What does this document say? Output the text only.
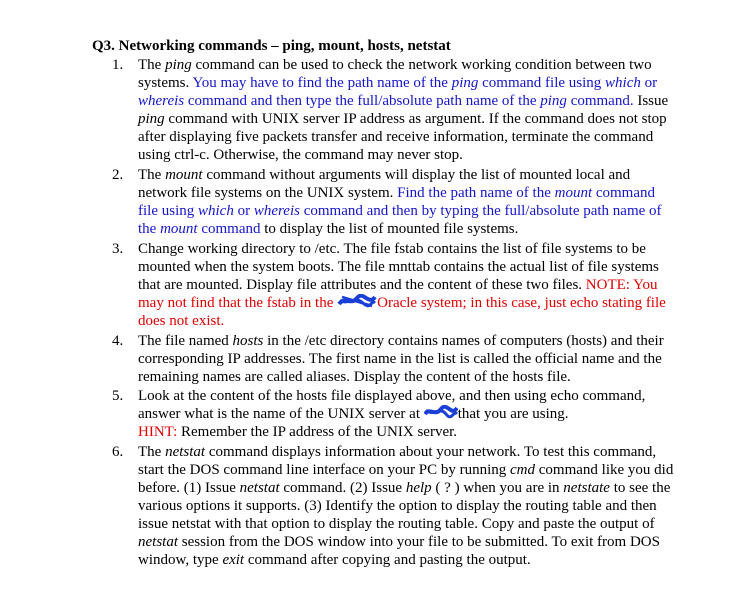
Q3. Networking commands – ping, mount, hosts, netstat
1. The ping command can be used to check the network working condition between two
systems. You may have to find the path name of the ping command file using which or
whereis command and then type the full/absolute path name of the ping command. Issue
ping command with UNIX server IP address as argument. If the command does not stop
after displaying five packets transfer and receive information, terminate the command
using ctrl-c. Otherwise, the command may never stop.
2. The mount command without arguments will display the list of mounted local and
network file systems on the UNIX system. Find the path name of the mount command
file using which or whereis command and then by typing the full/absolute path name of
the mount command to display the list of mounted file systems.
3. Change working directory to /etc. The file fstab contains the list of file systems to be
mounted when the system boots. The file mnttab contains the actual list of file systems
that are mounted. Display file attributes and the content of these two files. NOTE: You
may not find that the fstab in the	Oracle system; in this case, just echo stating file
does not exist.
4. The file named hosts in the /etc directory contains names of computers (hosts) and their
corresponding IP addresses. The first name in the list is called the official name and the
remaining names are called aliases. Display the content of the hosts file.
5. Look at the content of the hosts file displayed above, and then using echo command,
answer what is the name of the UNIX server at
that you are using.
HINT: Remember the IP address of the UNIX server.
6. The netstat command displays information about your network. To test this command,
start the DOS command line interface on your PC by running cmd command like you did
before. (1) Issue netstat command. (2) Issue help ( ? ) when you are in netstate to see the
various options it supports. (3) Identify the option to display the routing table and then
issue netstat with that option to display the routing table. Copy and paste the output of
netstat session from the DOS window into your file to be submitted. To exit from DOS
window, type exit command after copying and pasting the output.
